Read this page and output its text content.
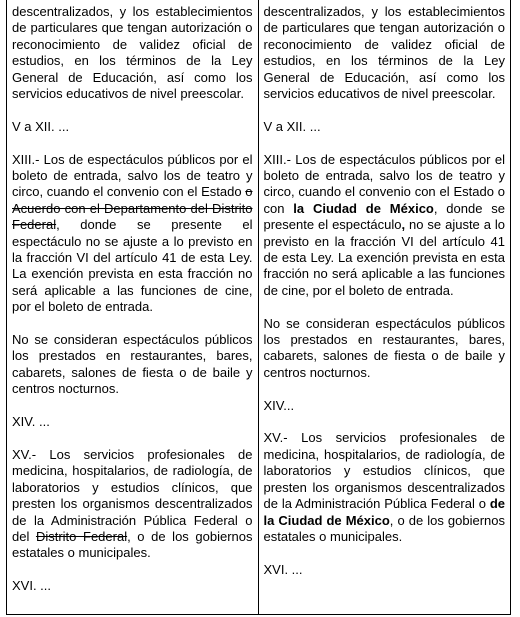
descentralizados, y los establecimientos de particulares que tengan autorización o reconocimiento de validez oficial de estudios, en los términos de la Ley General de Educación, así como los servicios educativos de nivel preescolar.

V a XII. ...

XIII.- Los de espectáculos públicos por el boleto de entrada, salvo los de teatro y circo, cuando el convenio con el Estado o Acuerdo con el Departamento del Distrito Federal, donde se presente el espectáculo no se ajuste a lo previsto en la fracción VI del artículo 41 de esta Ley. La exención prevista en esta fracción no será aplicable a las funciones de cine, por el boleto de entrada.

No se consideran espectáculos públicos los prestados en restaurantes, bares, cabarets, salones de fiesta o de baile y centros nocturnos.

XIV. ...

XV.- Los servicios profesionales de medicina, hospitalarios, de radiología, de laboratorios y estudios clínicos, que presten los organismos descentralizados de la Administración Pública Federal o del Distrito Federal, o de los gobiernos estatales o municipales.

XVI. ...

descentralizados, y los establecimientos de particulares que tengan autorización o reconocimiento de validez oficial de estudios, en los términos de la Ley General de Educación, así como los servicios educativos de nivel preescolar.

V a XII. ...

XIII.- Los de espectáculos públicos por el boleto de entrada, salvo los de teatro y circo, cuando el convenio con el Estado o con la Ciudad de México, donde se presente el espectáculo, no se ajuste a lo previsto en la fracción VI del artículo 41 de esta Ley. La exención prevista en esta fracción no será aplicable a las funciones de cine, por el boleto de entrada.

No se consideran espectáculos públicos los prestados en restaurantes, bares, cabarets, salones de fiesta o de baile y centros nocturnos.

XIV...

XV.- Los servicios profesionales de medicina, hospitalarios, de radiología, de laboratorios y estudios clínicos, que presten los organismos descentralizados de la Administración Pública Federal o de la Ciudad de México, o de los gobiernos estatales o municipales.

XVI. ...
